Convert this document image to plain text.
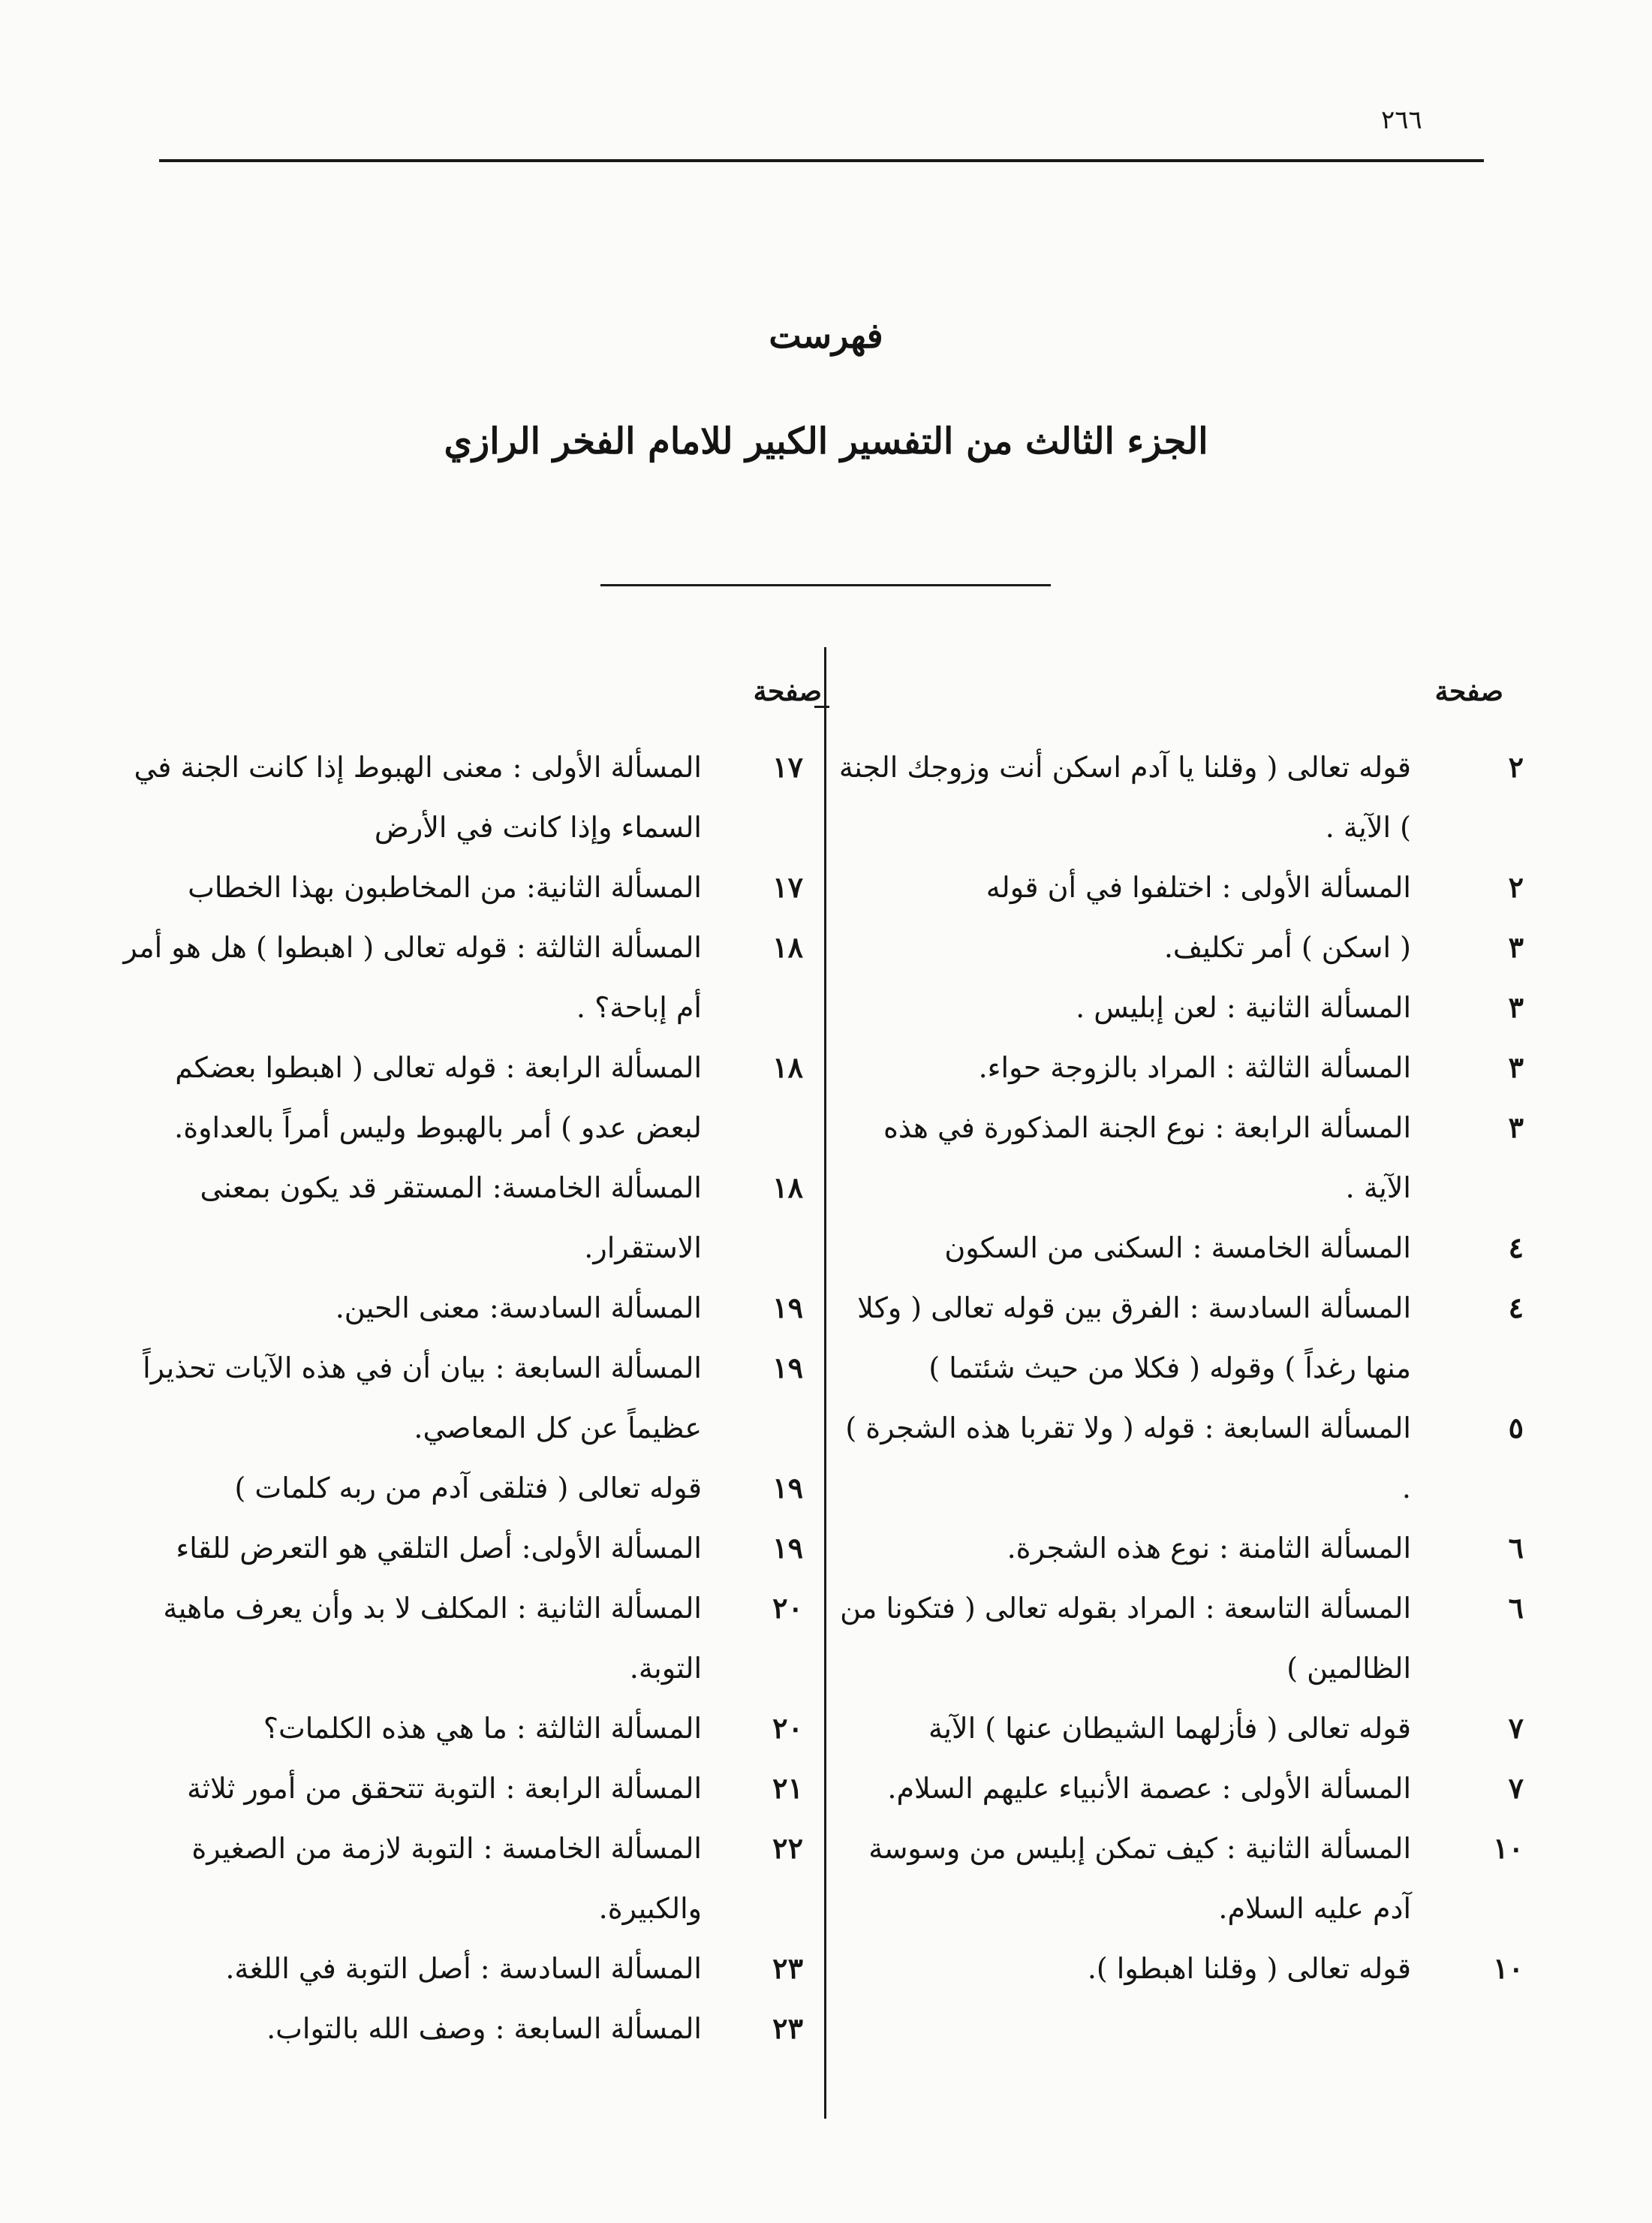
٢٦٦
فهرست
الجزء الثالث من التفسير الكبير للامام الفخر الرازي
صفحة
صفحة
٢
قوله تعالى ( وقلنا يا آدم اسكن أنت وزوجك الجنة ) الآية .
٢
المسألة الأولى : اختلفوا في أن قوله
٣
( اسكن ) أمر تكليف.
٣
المسألة الثانية : لعن إبليس .
٣
المسألة الثالثة : المراد بالزوجة حواء.
٣
المسألة الرابعة : نوع الجنة المذكورة في هذه الآية .
٤
المسألة الخامسة : السكنى من السكون
٤
المسألة السادسة : الفرق بين قوله تعالى ( وكلا منها رغداً ) وقوله ( فكلا من حيث شئتما )
٥
المسألة السابعة : قوله ( ولا تقربا هذه الشجرة ) .
٦
المسألة الثامنة : نوع هذه الشجرة.
٦
المسألة التاسعة : المراد بقوله تعالى ( فتكونا من الظالمين )
٧
قوله تعالى ( فأزلهما الشيطان عنها ) الآية
٧
المسألة الأولى : عصمة الأنبياء عليهم السلام.
١٠
المسألة الثانية : كيف تمكن إبليس من وسوسة آدم عليه السلام.
١٠
قوله تعالى ( وقلنا اهبطوا ).
١٧
المسألة الأولى : معنى الهبوط إذا كانت الجنة في السماء وإذا كانت في الأرض
١٧
المسألة الثانية: من المخاطبون بهذا الخطاب
١٨
المسألة الثالثة : قوله تعالى ( اهبطوا ) هل هو أمر أم إباحة؟ .
١٨
المسألة الرابعة : قوله تعالى ( اهبطوا بعضكم لبعض عدو ) أمر بالهبوط وليس أمراً بالعداوة.
١٨
المسألة الخامسة: المستقر قد يكون بمعنى الاستقرار.
١٩
المسألة السادسة: معنى الحين.
١٩
المسألة السابعة : بيان أن في هذه الآيات تحذيراً عظيماً عن كل المعاصي.
١٩
قوله تعالى ( فتلقى آدم من ربه كلمات )
١٩
المسألة الأولى: أصل التلقي هو التعرض للقاء
٢٠
المسألة الثانية : المكلف لا بد وأن يعرف ماهية التوبة.
٢٠
المسألة الثالثة : ما هي هذه الكلمات؟
٢١
المسألة الرابعة : التوبة تتحقق من أمور ثلاثة
٢٢
المسألة الخامسة : التوبة لازمة من الصغيرة والكبيرة.
٢٣
المسألة السادسة : أصل التوبة في اللغة.
٢٣
المسألة السابعة : وصف الله بالتواب.
